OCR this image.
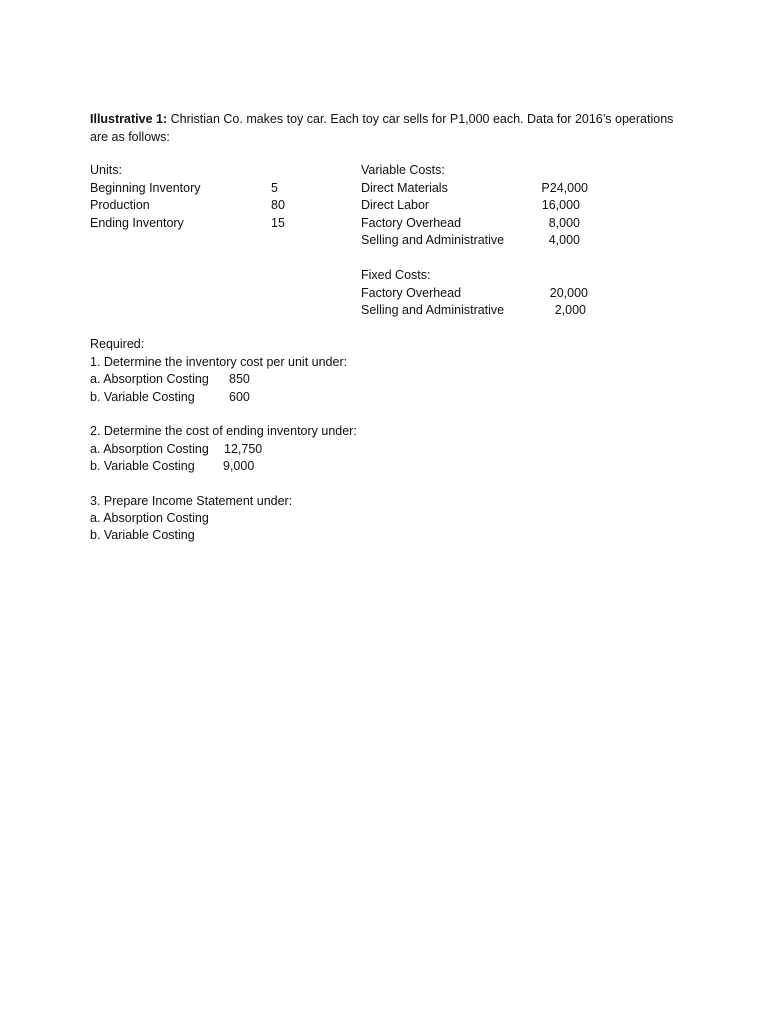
Illustrative 1: Christian Co. makes toy car. Each toy car sells for P1,000 each. Data for 2016’s operations are as follows:
Units:
Beginning Inventory	5
Production	80
Ending Inventory	15
Variable Costs:
Direct Materials	P24,000
Direct Labor	16,000
Factory Overhead	8,000
Selling and Administrative	4,000
Fixed Costs:
Factory Overhead	20,000
Selling and Administrative	2,000
Required:
1. Determine the inventory cost per unit under:
a. Absorption Costing 850
b. Variable Costing	600
2. Determine the cost of ending inventory under:
a. Absorption Costing 12,750
b. Variable Costing 9,000
3. Prepare Income Statement under:
a. Absorption Costing
b. Variable Costing
